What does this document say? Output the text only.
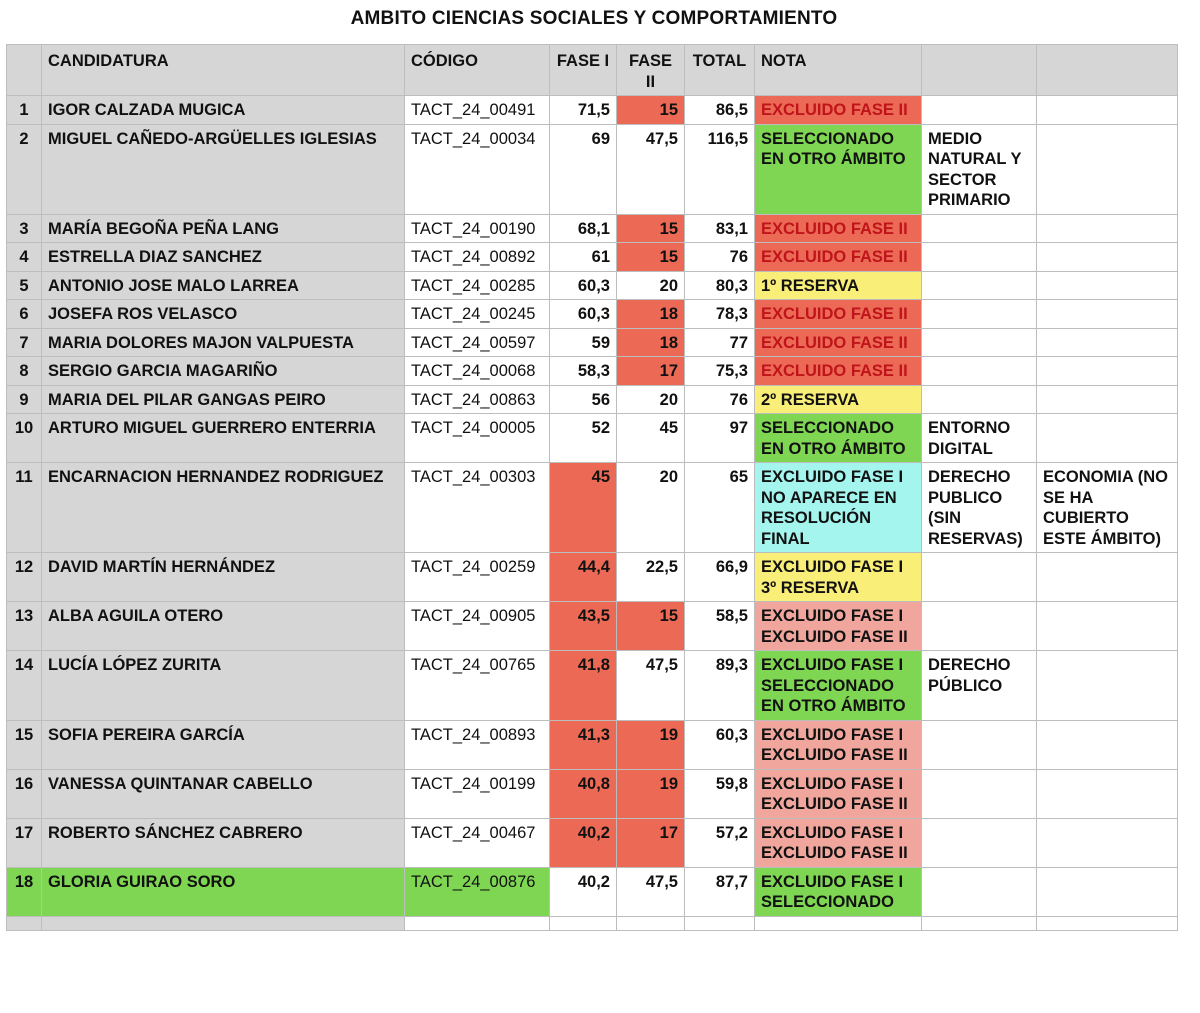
AMBITO CIENCIAS SOCIALES Y COMPORTAMIENTO
	CANDIDATURA	CÓDIGO	FASE I	FASE II	TOTAL	NOTA		
1	IGOR CALZADA MUGICA	TACT_24_00491	71,5	15	86,5	EXCLUIDO FASE II		
2	MIGUEL CAÑEDO-ARGÜELLES IGLESIAS	TACT_24_00034	69	47,5	116,5	SELECCIONADO EN OTRO ÁMBITO	MEDIO NATURAL Y SECTOR PRIMARIO	
3	MARÍA BEGOÑA PEÑA LANG	TACT_24_00190	68,1	15	83,1	EXCLUIDO FASE II		
4	ESTRELLA DIAZ SANCHEZ	TACT_24_00892	61	15	76	EXCLUIDO FASE II		
5	ANTONIO JOSE MALO LARREA	TACT_24_00285	60,3	20	80,3	1º RESERVA		
6	JOSEFA ROS VELASCO	TACT_24_00245	60,3	18	78,3	EXCLUIDO FASE II		
7	MARIA DOLORES MAJON VALPUESTA	TACT_24_00597	59	18	77	EXCLUIDO FASE II		
8	SERGIO GARCIA MAGARIÑO	TACT_24_00068	58,3	17	75,3	EXCLUIDO FASE II		
9	MARIA DEL PILAR GANGAS PEIRO	TACT_24_00863	56	20	76	2º RESERVA		
10	ARTURO MIGUEL GUERRERO ENTERRIA	TACT_24_00005	52	45	97	SELECCIONADO EN OTRO ÁMBITO	ENTORNO DIGITAL	
11	ENCARNACION HERNANDEZ RODRIGUEZ	TACT_24_00303	45	20	65	EXCLUIDO FASE I NO APARECE EN RESOLUCIÓN FINAL	DERECHO PUBLICO (SIN RESERVAS)	ECONOMIA (NO SE HA CUBIERTO ESTE ÁMBITO)
12	DAVID MARTÍN HERNÁNDEZ	TACT_24_00259	44,4	22,5	66,9	EXCLUIDO FASE I 3º RESERVA		
13	ALBA AGUILA OTERO	TACT_24_00905	43,5	15	58,5	EXCLUIDO FASE I EXCLUIDO FASE II		
14	LUCÍA LÓPEZ ZURITA	TACT_24_00765	41,8	47,5	89,3	EXCLUIDO FASE I SELECCIONADO EN OTRO ÁMBITO	DERECHO PÚBLICO	
15	SOFIA PEREIRA GARCÍA	TACT_24_00893	41,3	19	60,3	EXCLUIDO FASE I EXCLUIDO FASE II		
16	VANESSA QUINTANAR CABELLO	TACT_24_00199	40,8	19	59,8	EXCLUIDO FASE I EXCLUIDO FASE II		
17	ROBERTO SÁNCHEZ CABRERO	TACT_24_00467	40,2	17	57,2	EXCLUIDO FASE I EXCLUIDO FASE II		
18	GLORIA GUIRAO SORO	TACT_24_00876	40,2	47,5	87,7	EXCLUIDO FASE I SELECCIONADO		
